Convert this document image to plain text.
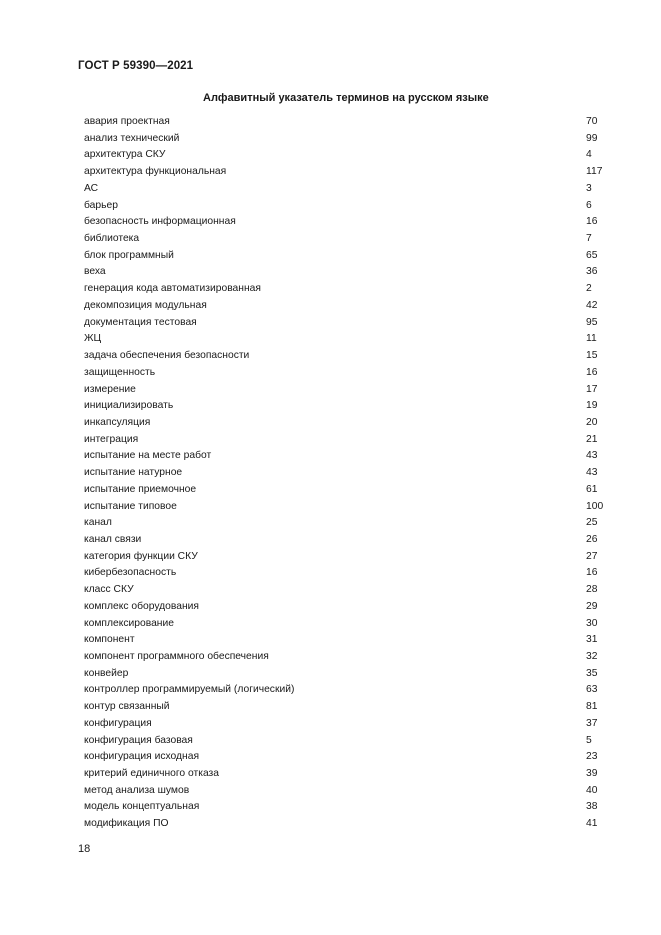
ГОСТ Р 59390—2021
Алфавитный указатель терминов на русском языке
авария проектная	70
анализ технический	99
архитектура СКУ	4
архитектура функциональная	117
АС	3
барьер	6
безопасность информационная	16
библиотека	7
блок программный	65
веха	36
генерация кода автоматизированная	2
декомпозиция модульная	42
документация тестовая	95
ЖЦ	11
задача обеспечения безопасности	15
защищенность	16
измерение	17
инициализировать	19
инкапсуляция	20
интеграция	21
испытание на месте работ	43
испытание натурное	43
испытание приемочное	61
испытание типовое	100
канал	25
канал связи	26
категория функции СКУ	27
кибербезопасность	16
класс СКУ	28
комплекс оборудования	29
комплексирование	30
компонент	31
компонент программного обеспечения	32
конвейер	35
контроллер программируемый (логический)	63
контур связанный	81
конфигурация	37
конфигурация базовая	5
конфигурация исходная	23
критерий единичного отказа	39
метод анализа шумов	40
модель концептуальная	38
модификация ПО	41
18
